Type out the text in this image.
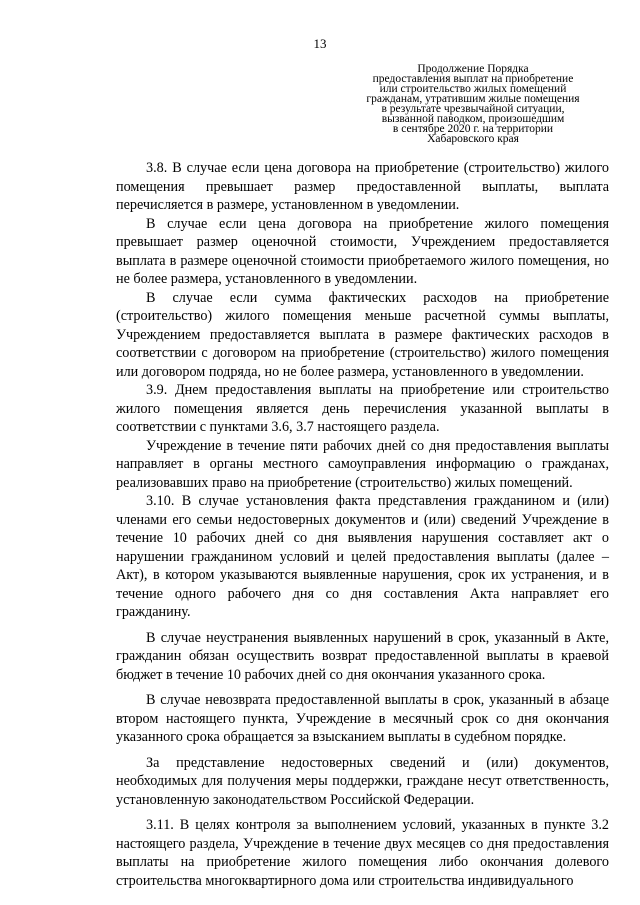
13
Продолжение Порядка
предоставления выплат на приобретение
или строительство жилых помещений
гражданам, утратившим жилые помещения
в результате чрезвычайной ситуации,
вызванной паводком, произошедшим
в сентябре 2020 г. на территории
Хабаровского края

3.8. В случае если цена договора на приобретение (строительство) жилого помещения превышает размер предоставленной выплаты, выплата перечисляется в размере, установленном в уведомлении.

В случае если цена договора на приобретение жилого помещения превышает размер оценочной стоимости, Учреждением предоставляется выплата в размере оценочной стоимости приобретаемого жилого помещения, но не более размера, установленного в уведомлении.

В случае если сумма фактических расходов на приобретение (строительство) жилого помещения меньше расчетной суммы выплаты, Учреждением предоставляется выплата в размере фактических расходов в соответствии с договором на приобретение (строительство) жилого помещения или договором подряда, но не более размера, установленного в уведомлении.

3.9. Днем предоставления выплаты на приобретение или строительство жилого помещения является день перечисления указанной выплаты в соответствии с пунктами 3.6, 3.7 настоящего раздела.

Учреждение в течение пяти рабочих дней со дня предоставления выплаты направляет в органы местного самоуправления информацию о гражданах, реализовавших право на приобретение (строительство) жилых помещений.

3.10. В случае установления факта представления гражданином и (или) членами его семьи недостоверных документов и (или) сведений Учреждение в течение 10 рабочих дней со дня выявления нарушения составляет акт о нарушении гражданином условий и целей предоставления выплаты (далее – Акт), в котором указываются выявленные нарушения, срок их устранения, и в течение одного рабочего дня со дня составления Акта направляет его гражданину.

В случае неустранения выявленных нарушений в срок, указанный в Акте, гражданин обязан осуществить возврат предоставленной выплаты в краевой бюджет в течение 10 рабочих дней со дня окончания указанного срока.

В случае невозврата предоставленной выплаты в срок, указанный в абзаце втором настоящего пункта, Учреждение в месячный срок со дня окончания указанного срока обращается за взысканием выплаты в судебном порядке.

За представление недостоверных сведений и (или) документов, необходимых для получения меры поддержки, граждане несут ответственность, установленную законодательством Российской Федерации.

3.11. В целях контроля за выполнением условий, указанных в пункте 3.2 настоящего раздела, Учреждение в течение двух месяцев со дня предоставления выплаты на приобретение жилого помещения либо окончания долевого строительства многоквартирного дома или строительства индивидуального
